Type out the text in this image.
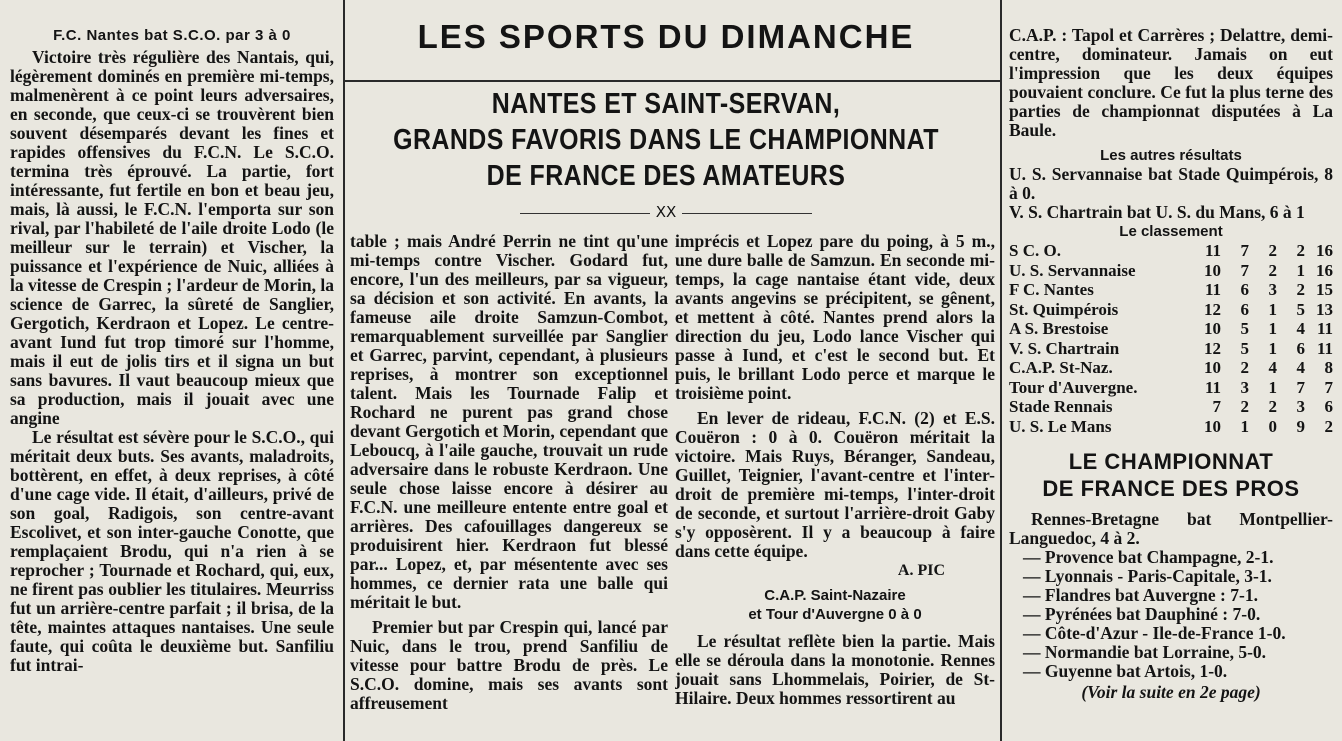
F.C. Nantes bat S.C.O. par 3 à 0

Victoire très régulière des Nantais, qui, légèrement dominés en première mi-temps, malmenèrent à ce point leurs adversaires, en seconde, que ceux-ci se trouvèrent bien souvent désemparés devant les fines et rapides offensives du F.C.N. Le S.C.O. termina très éprouvé. La partie, fort intéressante, fut fertile en bon et beau jeu, mais, là aussi, le F.C.N. l'emporta sur son rival, par l'habileté de l'aile droite Lodo (le meilleur sur le terrain) et Vischer, la puissance et l'expérience de Nuic, alliées à la vitesse de Crespin ; l'ardeur de Morin, la science de Garrec, la sûreté de Sanglier, Gergotich, Kerdraon et Lopez. Le centre-avant Iund fut trop timoré sur l'homme, mais il eut de jolis tirs et il signa un but sans bavures. Il vaut beaucoup mieux que sa production, mais il jouait avec une angine

Le résultat est sévère pour le S.C.O., qui méritait deux buts. Ses avants, maladroits, bottèrent, en effet, à deux reprises, à côté d'une cage vide. Il était, d'ailleurs, privé de son goal, Radigois, son centre-avant Escolivet, et son inter-gauche Conotte, que remplaçaient Brodu, qui n'a rien à se reprocher ; Tournade et Rochard, qui, eux, ne firent pas oublier les titulaires. Meurriss fut un arrière-centre parfait ; il brisa, de la tête, maintes attaques nantaises. Une seule faute, qui coûta le deuxième but. Sanfiliu fut intrai-

LES SPORTS DU DIMANCHE
NANTES ET SAINT-SERVAN,
GRANDS FAVORIS DANS LE CHAMPIONNAT
DE FRANCE DES AMATEURS
XX

table ; mais André Perrin ne tint qu'une mi-temps contre Vischer. Godard fut, encore, l'un des meilleurs, par sa vigueur, sa décision et son activité. En avants, la fameuse aile droite Samzun-Combot, remarquablement surveillée par Sanglier et Garrec, parvint, cependant, à plusieurs reprises, à montrer son exceptionnel talent. Mais les Tournade Falip et Rochard ne purent pas grand chose devant Gergotich et Morin, cependant que Leboucq, à l'aile gauche, trouvait un rude adversaire dans le robuste Kerdraon. Une seule chose laisse encore à désirer au F.C.N. une meilleure entente entre goal et arrières. Des cafouillages dangereux se produisirent hier. Kerdraon fut blessé par... Lopez, et, par mésentente avec ses hommes, ce dernier rata une balle qui méritait le but.

Premier but par Crespin qui, lancé par Nuic, dans le trou, prend Sanfiliu de vitesse pour battre Brodu de près. Le S.C.O. domine, mais ses avants sont affreusement

imprécis et Lopez pare du poing, à 5 m., une dure balle de Samzun. En seconde mi-temps, la cage nantaise étant vide, deux avants angevins se précipitent, se gênent, et mettent à côté. Nantes prend alors la direction du jeu, Lodo lance Vischer qui passe à Iund, et c'est le second but. Et puis, le brillant Lodo perce et marque le troisième point.

En lever de rideau, F.C.N. (2) et E.S. Couëron : 0 à 0. Couëron méritait la victoire. Mais Ruys, Béranger, Sandeau, Guillet, Teignier, l'avant-centre et l'inter-droit de première mi-temps, l'inter-droit de seconde, et surtout l'arrière-droit Gaby s'y opposèrent. Il y a beaucoup à faire dans cette équipe.

A. PIC

C.A.P. Saint-Nazaire

et Tour d'Auvergne 0 à 0

Le résultat reflète bien la partie. Mais elle se déroula dans la monotonie. Rennes jouait sans Lhommelais, Poirier, de St-Hilaire. Deux hommes ressortirent au

C.A.P. : Tapol et Carrères ; Delattre, demi-centre, dominateur. Jamais on eut l'impression que les deux équipes pouvaient conclure. Ce fut la plus terne des parties de championnat disputées à La Baule.

Les autres résultats

U. S. Servannaise bat Stade Quimpérois, 8 à 0.

V. S. Chartrain bat U. S. du Mans, 6 à 1

Le classement

S C. O.	11	7	2	2	16
U. S. Servannaise	10	7	2	1	16
F C. Nantes	11	6	3	2	15
St. Quimpérois	12	6	1	5	13
A S. Brestoise	10	5	1	4	11
V. S. Chartrain	12	5	1	6	11
C.A.P. St-Naz.	10	2	4	4	8
Tour d'Auvergne.	11	3	1	7	7
Stade Rennais	7	2	2	3	6
U. S. Le Mans	10	1	0	9	2

LE CHAMPIONNAT

DE FRANCE DES PROS

Rennes-Bretagne bat Montpellier-Languedoc, 4 à 2.

— Provence bat Champagne, 2-1.

— Lyonnais - Paris-Capitale, 3-1.

— Flandres bat Auvergne : 7-1.

— Pyrénées bat Dauphiné : 7-0.

— Côte-d'Azur - Ile-de-France 1-0.

— Normandie bat Lorraine, 5-0.

— Guyenne bat Artois, 1-0.

(Voir la suite en 2e page)
